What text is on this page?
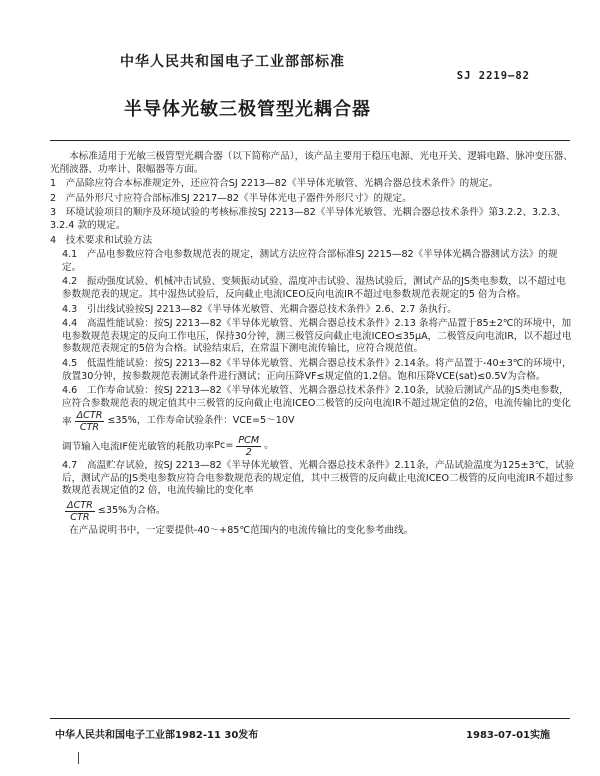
中华人民共和国电子工业部部标准
SJ 2219—82
半导体光敏三极管型光耦合器

本标准适用于光敏三极管型光耦合器（以下简称产品），该产品主要用于稳压电源、光电开关、逻辑电路、脉冲变压器、光削波器、功率计、限幅器等方面。

1　产品除应符合本标准规定外，还应符合SJ 2213—82《半导体光敏管、光耦合器总技术条件》的规定。

2　产品外形尺寸应符合部标准SJ 2217—82《半导体光电子器件外形尺寸》的规定。

3　环境试验项目的顺序及环境试验的考核标准按SJ 2213—82《半导体光敏管、光耦合器总技术条件》第3.2.2、3.2.3、3.2.4 款的规定。

4　技术要求和试验方法

4.1　产品电参数应符合电参数规范表的规定，测试方法应符合部标准SJ 2215—82《半导体光耦合器测试方法》的规定。

4.2　振动强度试验、机械冲击试验、变频振动试验、温度冲击试验、湿热试验后，测试产品的JS类电参数，以不超过电参数规范表的规定。其中湿热试验后，反向截止电流ICEO反向电流IR不超过电参数规范表规定的5 倍为合格。

4.3　引出线试验按SJ 2213—82《半导体光敏管、光耦合器总技术条件》2.6、2.7 条执行。

4.4　高温性能试验：按SJ 2213—82《半导体光敏管、光耦合器总技术条件》2.13 条将产品置于85±2℃的环境中，加电参数规范表规定的反向工作电压，保持30分钟，测三极管反向截止电流ICEO≤35μA，二极管反向电流IR，以不超过电参数规范表规定的5倍为合格。试验结束后，在常温下测电流传输比，应符合规范值。

4.5　低温性能试验：按SJ 2213—82《半导体光敏管、光耦合器总技术条件》2.14条。将产品置于-40±3℃的环境中，放置30分钟，按参数规范表测试条件进行测试；正向压降VF≤规定值的1.2倍。饱和压降VCE(sat)≤0.5V为合格。

4.6　工作寿命试验：按SJ 2213—82《半导体光敏管、光耦合器总技术条件》2.10条，试验后测试产品的JS类电参数，应符合参数规范表的规定值其中三极管的反向截止电流ICEO二极管的反向电流IR不超过规定值的2倍，电流传输比的变化率 $\frac{\text{ΔCTR}}{\text{CTR}} \le 35\%$，工作寿命试验条件：VCE=5～10V
调节输入电流IF使光敏管的耗散功率$Pc= \frac{\text{PCM}}{2}$ 。

4.7　高温贮存试验，按SJ 2213—82《半导体光敏管、光耦合器总技术条件》2.11条，产品试验温度为125±3℃，试验后，测试产品的JS类电参数应符合电参数规范表的规定值，其中三极管的反向截止电流ICEO二极管的反向电流IR不超过参数规范表规定值的2 倍，电流传输比的变化率
$\frac{\text{ΔCTR}}{\text{CTR}} \le 35\%$为合格。

在产品说明书中，一定要提供-40～+85℃范围内的电流传输比的变化参考曲线。

中华人民共和国电子工业部1982-11 30发布	1983-07-01实施
